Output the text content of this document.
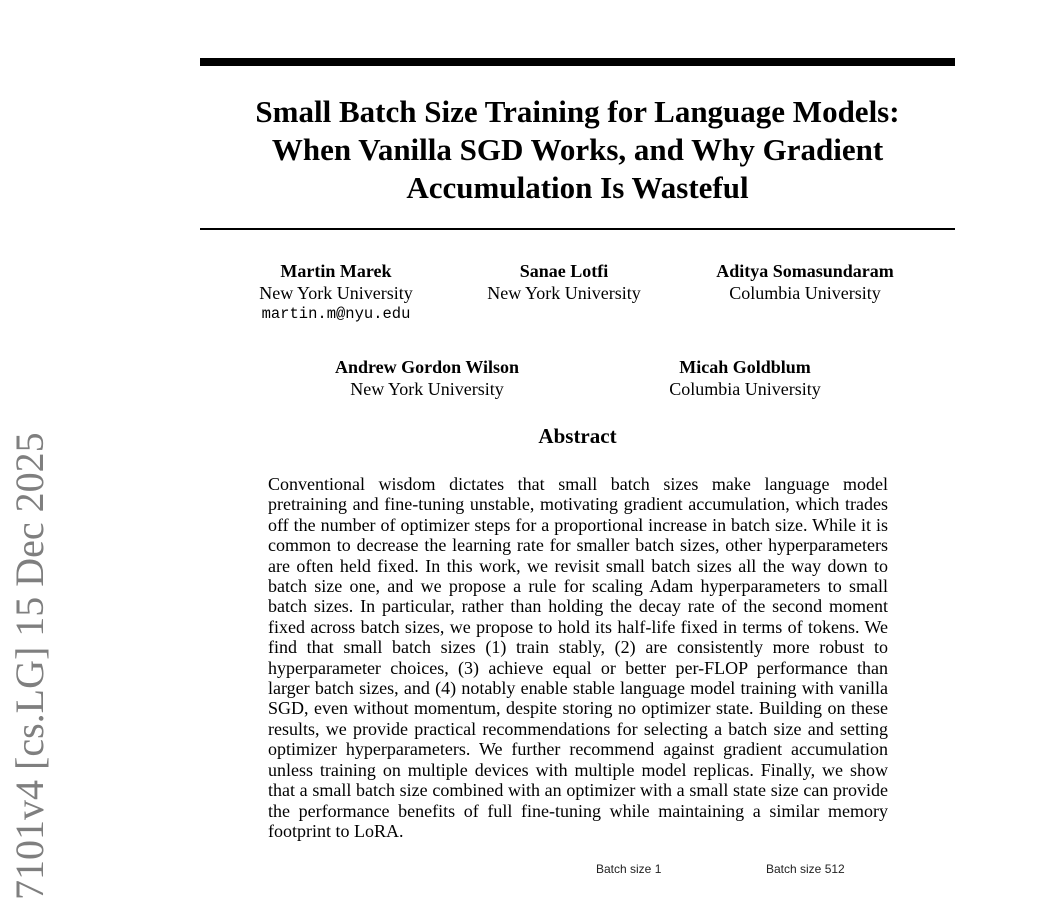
Small Batch Size Training for Language Models:
When Vanilla SGD Works, and Why Gradient
Accumulation Is Wasteful
Martin Marek
New York University
martin.m@nyu.edu
Sanae Lotfi
New York University
Aditya Somasundaram
Columbia University
Andrew Gordon Wilson
New York University
Micah Goldblum
Columbia University
Abstract

Conventional wisdom dictates that small batch sizes make language model pretraining and fine-tuning unstable, motivating gradient accumulation, which trades off the number of optimizer steps for a proportional increase in batch size. While it is common to decrease the learning rate for smaller batch sizes, other hyperparameters are often held fixed. In this work, we revisit small batch sizes all the way down to batch size one, and we propose a rule for scaling Adam hyperparameters to small batch sizes. In particular, rather than holding the decay rate of the second moment fixed across batch sizes, we propose to hold its half-life fixed in terms of tokens. We find that small batch sizes (1) train stably, (2) are consistently more robust to hyperparameter choices, (3) achieve equal or better per-FLOP performance than larger batch sizes, and (4) notably enable stable language model training with vanilla SGD, even without momentum, despite storing no optimizer state. Building on these results, we provide practical recommendations for selecting a batch size and setting optimizer hyperparameters. We further recommend against gradient accumulation unless training on multiple devices with multiple model replicas. Finally, we show that a small batch size combined with an optimizer with a small state size can provide the performance benefits of full fine-tuning while maintaining a similar memory footprint to LoRA.

7101v4 [cs.LG] 15 Dec 2025	Batch size 1	Batch size 512
